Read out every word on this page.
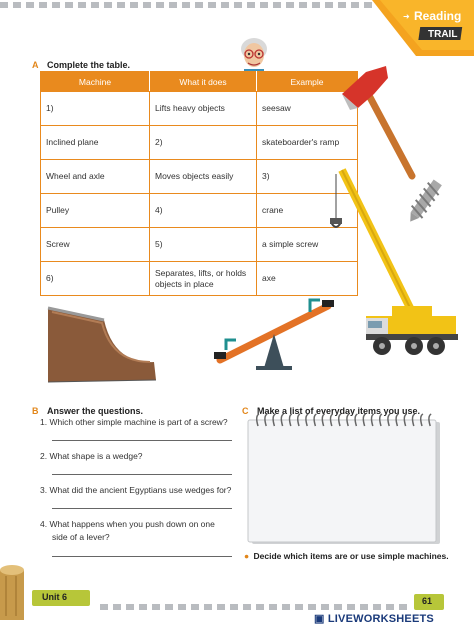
➜ Reading
TRAIL
A Complete the table.
Machine	What it does	Example
1)	Lifts heavy objects	seesaw
Inclined plane	2)	skateboarder's ramp
Wheel and axle	Moves objects easily	3)
Pulley	4)	crane
Screw	5)	a simple screw
6)	Separates, lifts, or holds objects in place	axe
B Answer the questions.
1. Which other simple machine is part of a screw?
2. What shape is a wedge?
3. What did the ancient Egyptians use wedges for?
4. What happens when you push down on one
side of a lever?
C Make a list of everyday items you use.
● Decide which items are or use simple machines.
Unit 6	61
▣ LIVEWORKSHEETS
